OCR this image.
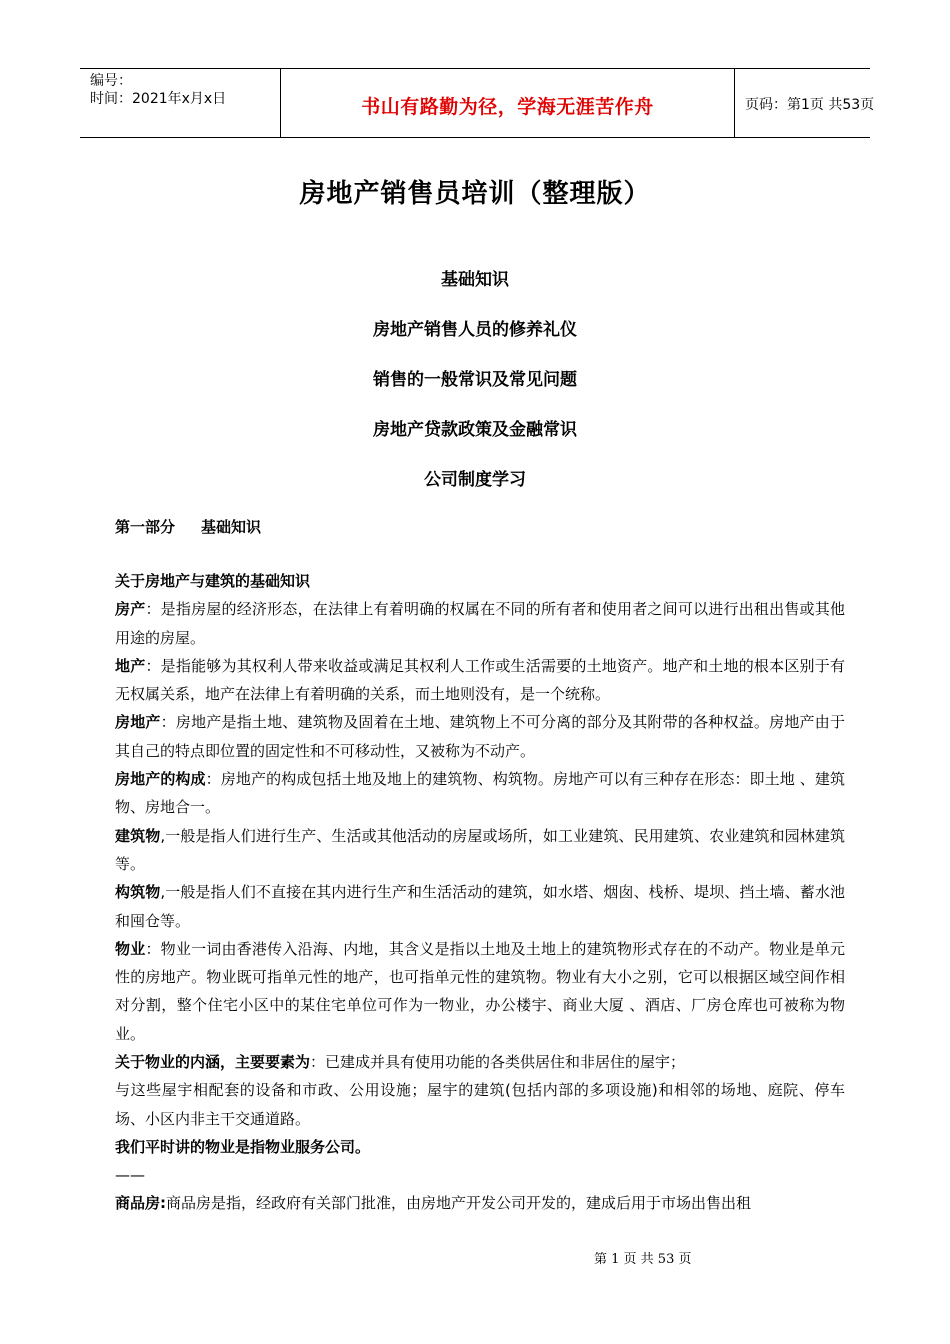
编号：
时间：2021年x月x日	书山有路勤为径，学海无涯苦作舟	页码：第1页 共53页
房地产销售员培训（整理版）
基础知识
房地产销售人员的修养礼仪
销售的一般常识及常见问题
房地产贷款政策及金融常识
公司制度学习
第一部分 基础知识

关于房地产与建筑的基础知识

房产：是指房屋的经济形态，在法律上有着明确的权属在不同的所有者和使用者之间可以进行出租出售或其他用途的房屋。

地产：是指能够为其权利人带来收益或满足其权利人工作或生活需要的土地资产。地产和土地的根本区别于有无权属关系，地产在法律上有着明确的关系，而土地则没有，是一个统称。

房地产：房地产是指土地、建筑物及固着在土地、建筑物上不可分离的部分及其附带的各种权益。房地产由于其自己的特点即位置的固定性和不可移动性，又被称为不动产。

房地产的构成：房地产的构成包括土地及地上的建筑物、构筑物。房地产可以有三种存在形态：即土地 、建筑物、房地合一。

建筑物,一般是指人们进行生产、生活或其他活动的房屋或场所，如工业建筑、民用建筑、农业建筑和园林建筑等。

构筑物,一般是指人们不直接在其内进行生产和生活活动的建筑，如水塔、烟囱、栈桥、堤坝、挡土墙、蓄水池和囤仓等。

物业：物业一词由香港传入沿海、内地，其含义是指以土地及土地上的建筑物形式存在的不动产。物业是单元性的房地产。物业既可指单元性的地产，也可指单元性的建筑物。物业有大小之别，它可以根据区域空间作相对分割，整个住宅小区中的某住宅单位可作为一物业，办公楼宇、商业大厦 、酒店、厂房仓库也可被称为物业。

关于物业的内涵，主要要素为：已建成并具有使用功能的各类供居住和非居住的屋宇；

与这些屋宇相配套的设备和市政、公用设施；屋宇的建筑(包括内部的多项设施)和相邻的场地、庭院、停车场、小区内非主干交通道路。

我们平时讲的物业是指物业服务公司。

——

商品房:商品房是指，经政府有关部门批准，由房地产开发公司开发的，建成后用于市场出售出租

第 1 页 共 53 页
